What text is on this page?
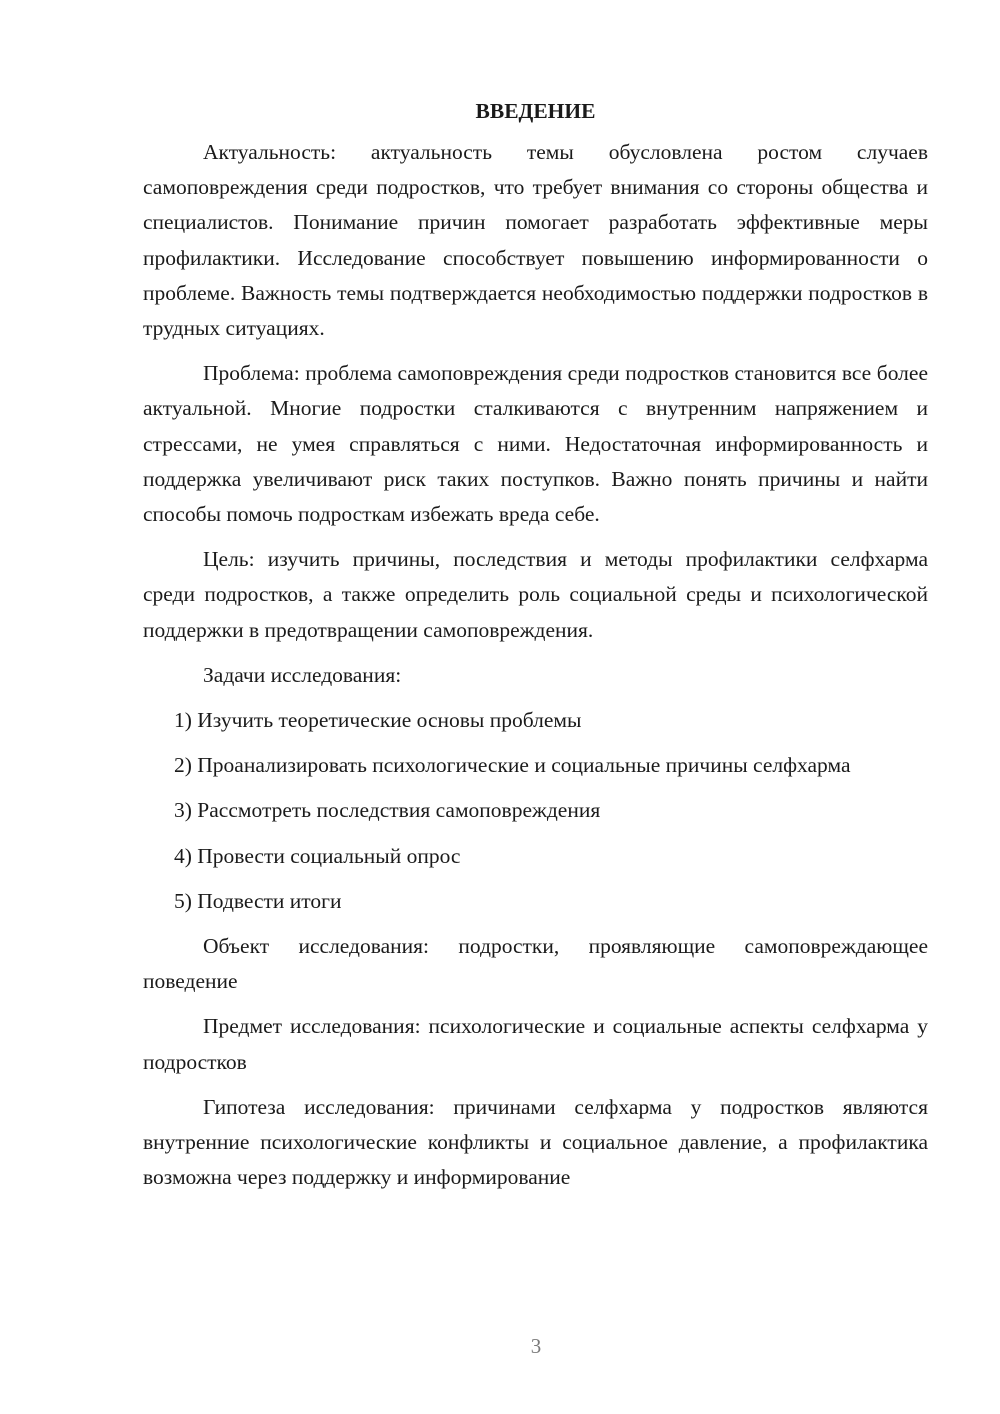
ВВЕДЕНИЕ

Актуальность: актуальность темы обусловлена ростом случаев самоповреждения среди подростков, что требует внимания со стороны общества и специалистов. Понимание причин помогает разработать эффективные меры профилактики. Исследование способствует повышению информированности о проблеме. Важность темы подтверждается необходимостью поддержки подростков в трудных ситуациях.

Проблема: проблема самоповреждения среди подростков становится все более актуальной. Многие подростки сталкиваются с внутренним напряжением и стрессами, не умея справляться с ними. Недостаточная информированность и поддержка увеличивают риск таких поступков. Важно понять причины и найти способы помочь подросткам избежать вреда себе.

Цель: изучить причины, последствия и методы профилактики селфхарма среди подростков, а также определить роль социальной среды и психологической поддержки в предотвращении самоповреждения.

Задачи исследования:

1) Изучить теоретические основы проблемы

2) Проанализировать психологические и социальные причины селфхарма

3) Рассмотреть последствия самоповреждения

4) Провести социальный опрос

5) Подвести итоги

Объект исследования: подростки, проявляющие самоповреждающее поведение

Предмет исследования: психологические и социальные аспекты селфхарма у подростков

Гипотеза исследования: причинами селфхарма у подростков являются внутренние психологические конфликты и социальное давление, а профилактика возможна через поддержку и информирование

3
